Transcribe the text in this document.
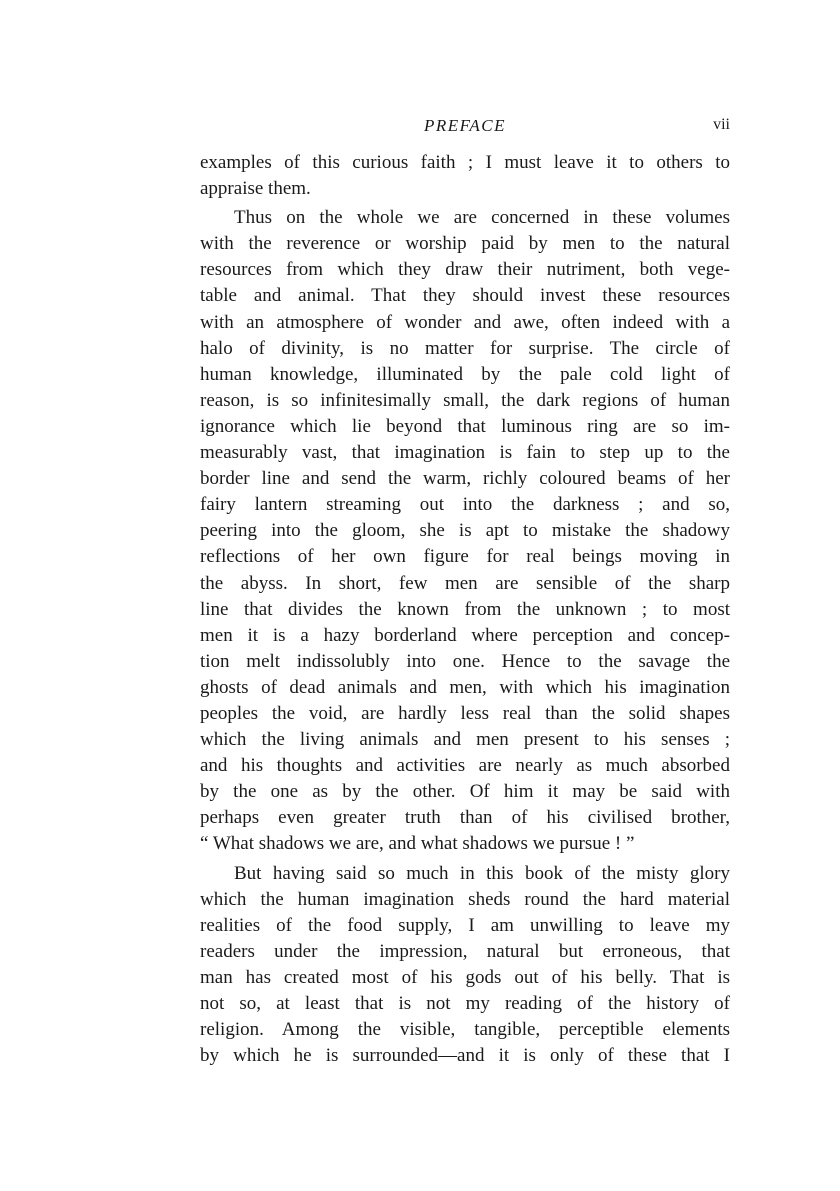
PREFACE	vii
examples of this curious faith ; I must leave it to others to
appraise them.
Thus on the whole we are concerned in these volumes
with the reverence or worship paid by men to the natural
resources from which they draw their nutriment, both vege-
table and animal. That they should invest these resources
with an atmosphere of wonder and awe, often indeed with a
halo of divinity, is no matter for surprise. The circle of
human knowledge, illuminated by the pale cold light of
reason, is so infinitesimally small, the dark regions of human
ignorance which lie beyond that luminous ring are so im-
measurably vast, that imagination is fain to step up to the
border line and send the warm, richly coloured beams of her
fairy lantern streaming out into the darkness ; and so,
peering into the gloom, she is apt to mistake the shadowy
reflections of her own figure for real beings moving in
the abyss. In short, few men are sensible of the sharp
line that divides the known from the unknown ; to most
men it is a hazy borderland where perception and concep-
tion melt indissolubly into one. Hence to the savage the
ghosts of dead animals and men, with which his imagination
peoples the void, are hardly less real than the solid shapes
which the living animals and men present to his senses ;
and his thoughts and activities are nearly as much absorbed
by the one as by the other. Of him it may be said with
perhaps even greater truth than of his civilised brother,
“ What shadows we are, and what shadows we pursue ! ”
But having said so much in this book of the misty glory
which the human imagination sheds round the hard material
realities of the food supply, I am unwilling to leave my
readers under the impression, natural but erroneous, that
man has created most of his gods out of his belly. That is
not so, at least that is not my reading of the history of
religion. Among the visible, tangible, perceptible elements
by which he is surrounded—and it is only of these that I
